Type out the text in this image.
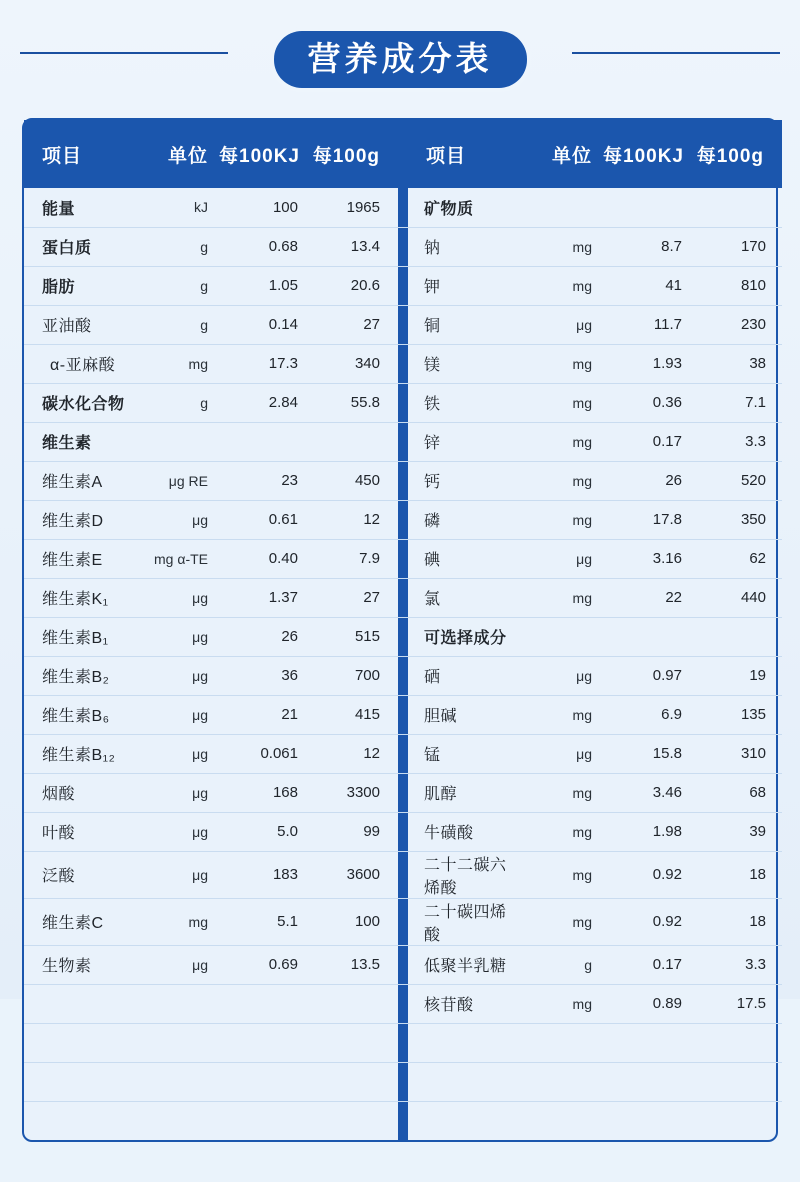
营养成分表
项目	单位	每100KJ	每100g		项目	单位	每100KJ	每100g
能量	kJ	100	1965		矿物质			
蛋白质	g	0.68	13.4		钠	mg	8.7	170
脂肪	g	1.05	20.6		钾	mg	41	810
亚油酸	g	0.14	27		铜	μg	11.7	230
α-亚麻酸	mg	17.3	340		镁	mg	1.93	38
碳水化合物	g	2.84	55.8		铁	mg	0.36	7.1
维生素					锌	mg	0.17	3.3
维生素A	μg RE	23	450		钙	mg	26	520
维生素D	μg	0.61	12		磷	mg	17.8	350
维生素E	mg α-TE	0.40	7.9		碘	μg	3.16	62
维生素K₁	μg	1.37	27		氯	mg	22	440
维生素B₁	μg	26	515		可选择成分			
维生素B₂	μg	36	700		硒	μg	0.97	19
维生素B₆	μg	21	415		胆碱	mg	6.9	135
维生素B₁₂	μg	0.061	12		锰	μg	15.8	310
烟酸	μg	168	3300		肌醇	mg	3.46	68
叶酸	μg	5.0	99		牛磺酸	mg	1.98	39
泛酸	μg	183	3600		二十二碳六烯酸	mg	0.92	18
维生素C	mg	5.1	100		二十碳四烯酸	mg	0.92	18
生物素	μg	0.69	13.5		低聚半乳糖	g	0.17	3.3
					核苷酸	mg	0.89	17.5
